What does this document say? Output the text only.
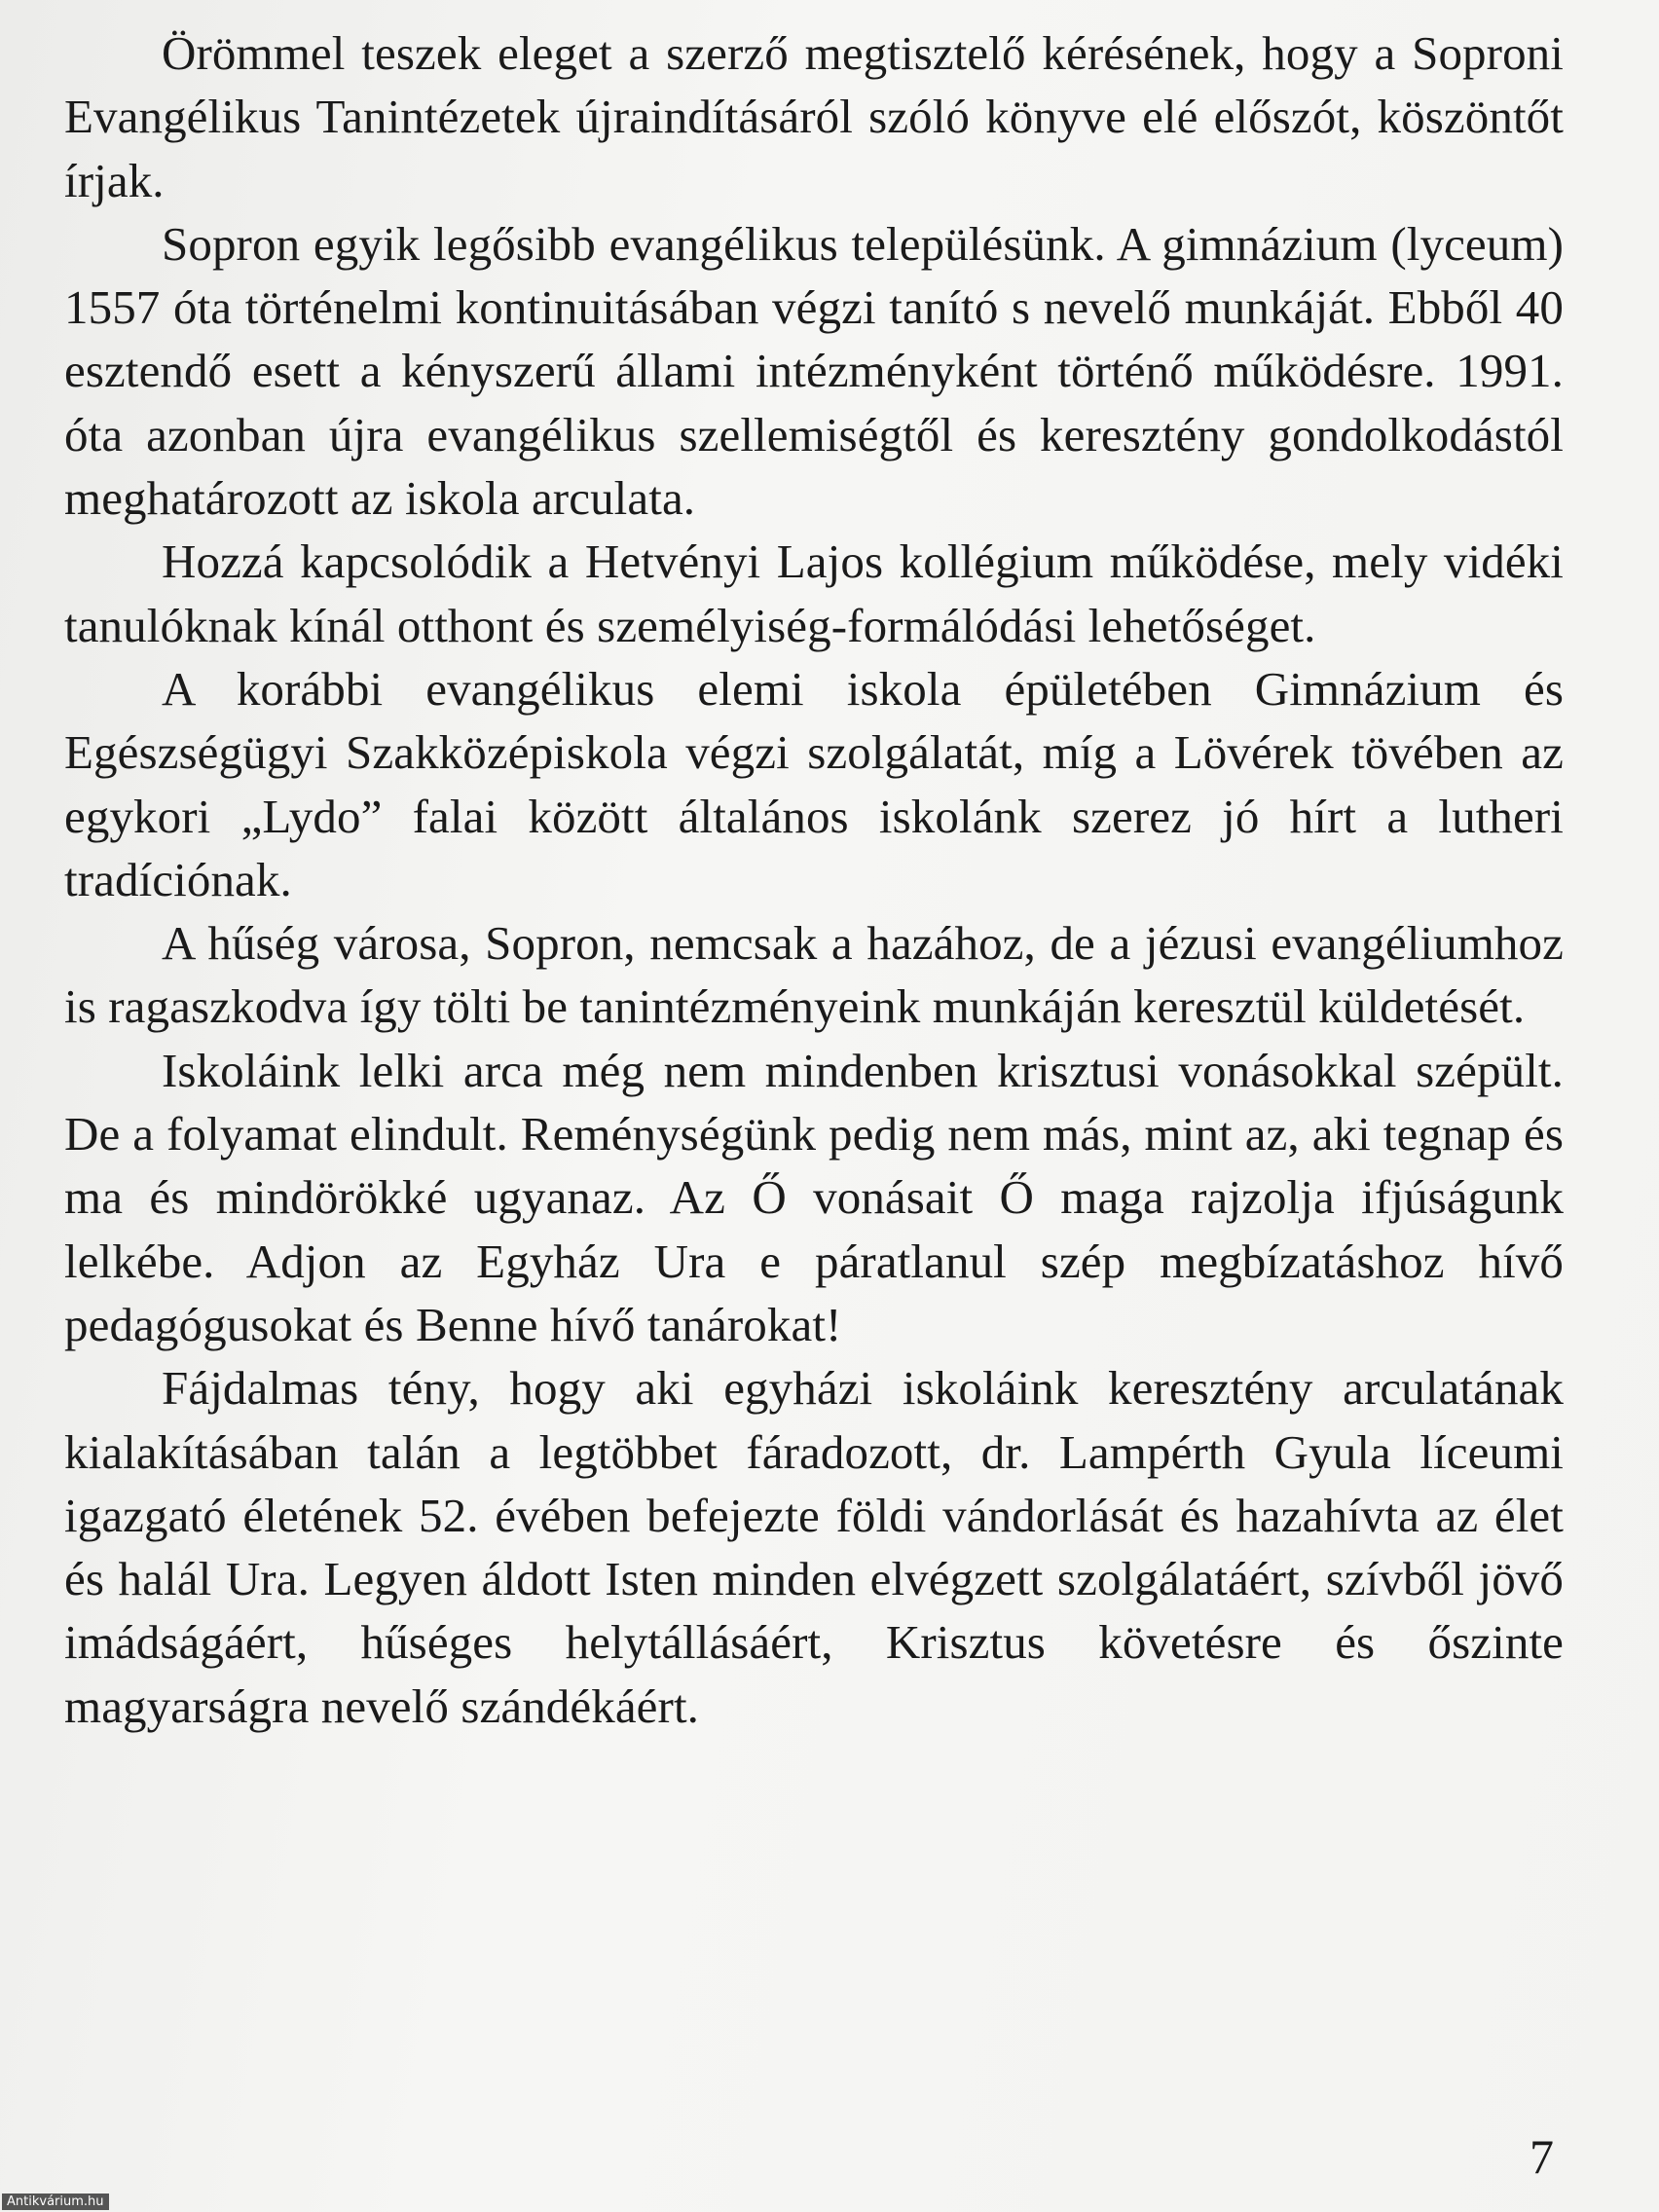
Örömmel teszek eleget a szerző megtisztelő kérésének, hogy a Soproni Evangélikus Tanintézetek újraindításáról szóló könyve elé előszót, köszöntőt írjak.

Sopron egyik legősibb evangélikus településünk. A gimnázium (lyceum) 1557 óta történelmi kontinuitásában végzi tanító s nevelő munkáját. Ebből 40 esztendő esett a kényszerű állami intézményként történő működésre. 1991. óta azonban újra evangélikus szellemiségtől és keresztény gondolkodástól meghatározott az iskola arculata.

Hozzá kapcsolódik a Hetvényi Lajos kollégium működése, mely vidéki tanulóknak kínál otthont és személyiség-formálódási lehetőséget.

A korábbi evangélikus elemi iskola épületében Gimnázium és Egészségügyi Szakközépiskola végzi szolgálatát, míg a Lövérek tövében az egykori „Lydo” falai között általános iskolánk szerez jó hírt a lutheri tradíciónak.

A hűség városa, Sopron, nemcsak a hazához, de a jézusi evangéliumhoz is ragaszkodva így tölti be tanintézményeink munkáján keresztül küldetését.

Iskoláink lelki arca még nem mindenben krisztusi vonásokkal szépült. De a folyamat elindult. Reménységünk pedig nem más, mint az, aki tegnap és ma és mindörökké ugyanaz. Az Ő vonásait Ő maga rajzolja ifjúságunk lelkébe. Adjon az Egyház Ura e páratlanul szép megbízatáshoz hívő pedagógusokat és Benne hívő tanárokat!

Fájdalmas tény, hogy aki egyházi iskoláink keresztény arculatának kialakításában talán a legtöbbet fáradozott, dr. Lampérth Gyula líceumi igazgató életének 52. évében befejezte földi vándorlását és hazahívta az élet és halál Ura. Legyen áldott Isten minden elvégzett szolgálatáért, szívből jövő imádságáért, hűséges helytállásáért, Krisztus követésre és őszinte magyarságra nevelő szándékáért.

7
Antikvárium.hu
